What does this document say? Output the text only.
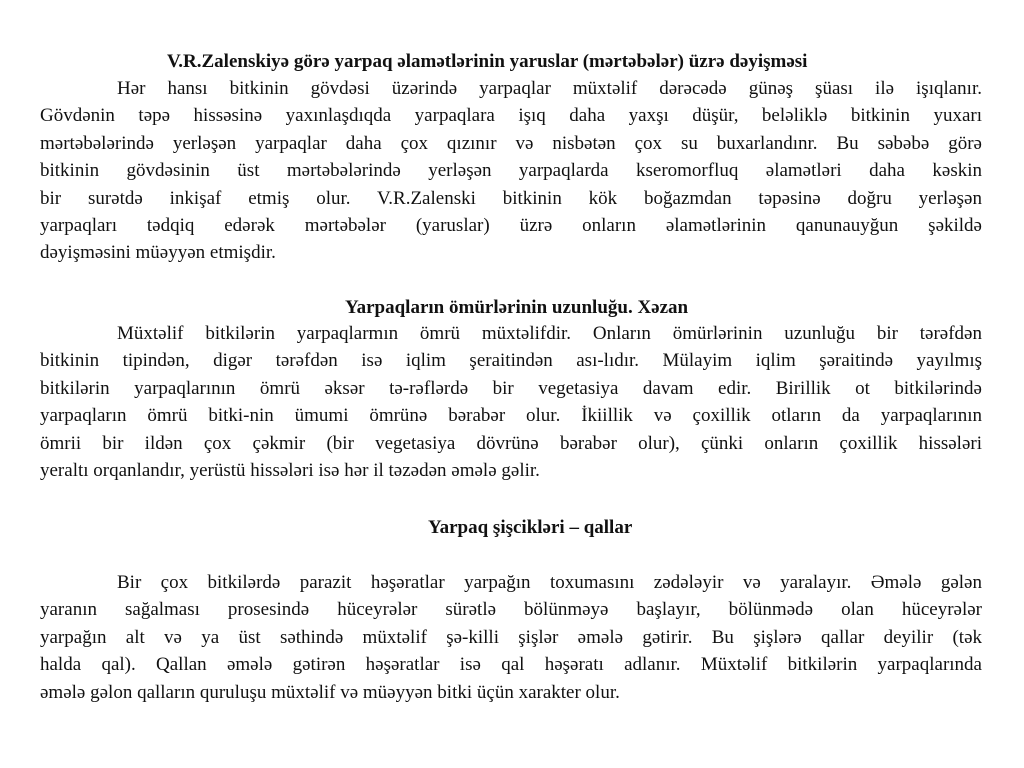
V.R.Zalenskiyə görə yarpaq əlamətlərinin yaruslar (mərtəbələr) üzrə dəyişməsi
Hər hansı bitkinin gövdəsi üzərində yarpaqlar müxtəlif dərəcədə günəş şüası ilə işıqlanır.
Gövdənin təpə hissəsinə yaxınlaşdıqda yarpaqlara işıq daha yaxşı düşür, beləliklə bitkinin yuxarı
mərtəbələrində yerləşən yarpaqlar daha çox qızınır və nisbətən çox su buxarlandınr. Bu səbəbə görə
bitkinin gövdəsinin üst mərtəbələrində yerləşən yarpaqlarda kseromorfluq əlamətləri daha kəskin
bir surətdə inkişaf etmiş olur. V.R.Zalenski bitkinin kök boğazmdan təpəsinə doğru yerləşən
yarpaqları tədqiq edərək mərtəbələr (yaruslar) üzrə onların əlamətlərinin qanunauyğun şəkildə
dəyişməsini müəyyən etmişdir.
Yarpaqların ömürlərinin uzunluğu. Xəzan
Müxtəlif bitkilərin yarpaqlarmın ömrü müxtəlifdir. Onların ömürlərinin uzunluğu bir tərəfdən
bitkinin tipindən, digər tərəfdən isə iqlim şeraitindən ası-lıdır. Mülayim iqlim şəraitində yayılmış
bitkilərin yarpaqlarının ömrü əksər tə-rəflərdə bir vegetasiya davam edir. Birillik ot bitkilərində
yarpaqların ömrü bitki-nin ümumi ömrünə bərabər olur. İkiillik və çoxillik otların da yarpaqlarının
ömrii bir ildən çox çəkmir (bir vegetasiya dövrünə bərabər olur), çünki onların çoxillik hissələri
yeraltı orqanlandır, yerüstü hissələri isə hər il təzədən əmələ gəlir.
Yarpaq şişcikləri – qallar
Bir çox bitkilərdə parazit həşəratlar yarpağın toxumasını zədələyir və yaralayır. Əmələ gələn
yaranın sağalması prosesində hüceyrələr sürətlə bölünməyə başlayır, bölünmədə olan hüceyrələr
yarpağın alt və ya üst səthində müxtəlif şə-killi şişlər əmələ gətirir. Bu şişlərə qallar deyilir (tək
halda qal). Qallan əmələ gətirən həşəratlar isə qal həşəratı adlanır. Müxtəlif bitkilərin yarpaqlarında
əmələ gəlon qalların quruluşu müxtəlif və müəyyən bitki üçün xarakter olur.
